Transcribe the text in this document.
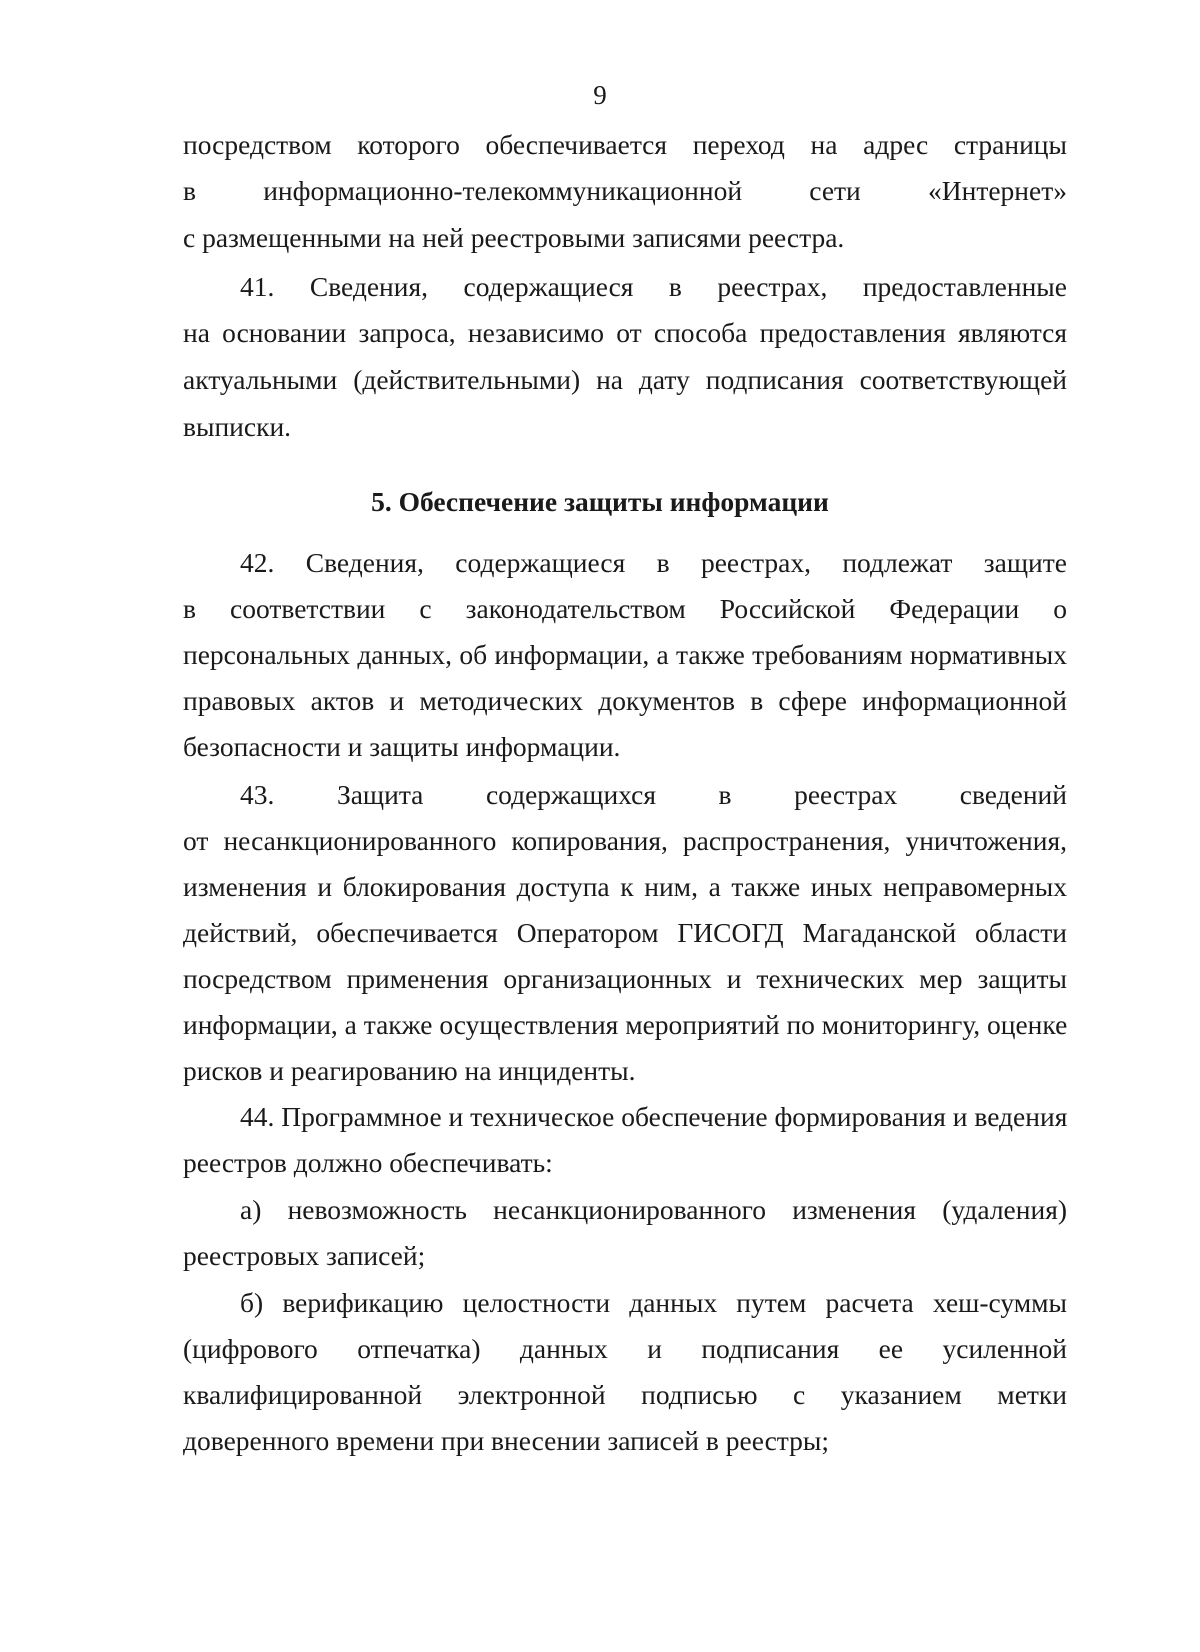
9
посредством которого обеспечивается переход на адрес страницы
в информационно-телекоммуникационной сети «Интернет»
с размещенными на ней реестровыми записями реестра.
41. Сведения, содержащиеся в реестрах, предоставленные
на основании запроса, независимо от способа предоставления являются
актуальными (действительными) на дату подписания соответствующей
выписки.
5. Обеспечение защиты информации
42. Сведения, содержащиеся в реестрах, подлежат защите
в соответствии с законодательством Российской Федерации о
персональных данных, об информации, а также требованиям нормативных
правовых актов и методических документов в сфере информационной
безопасности и защиты информации.
43. Защита содержащихся в реестрах сведений
от несанкционированного копирования, распространения, уничтожения,
изменения и блокирования доступа к ним, а также иных неправомерных
действий, обеспечивается Оператором ГИСОГД Магаданской области
посредством применения организационных и технических мер защиты
информации, а также осуществления мероприятий по мониторингу, оценке
рисков и реагированию на инциденты.
44. Программное и техническое обеспечение формирования и ведения
реестров должно обеспечивать:
а) невозможность несанкционированного изменения (удаления)
реестровых записей;
б) верификацию целостности данных путем расчета хеш-суммы
(цифрового отпечатка) данных и подписания ее усиленной
квалифицированной электронной подписью с указанием метки
доверенного времени при внесении записей в реестры;
